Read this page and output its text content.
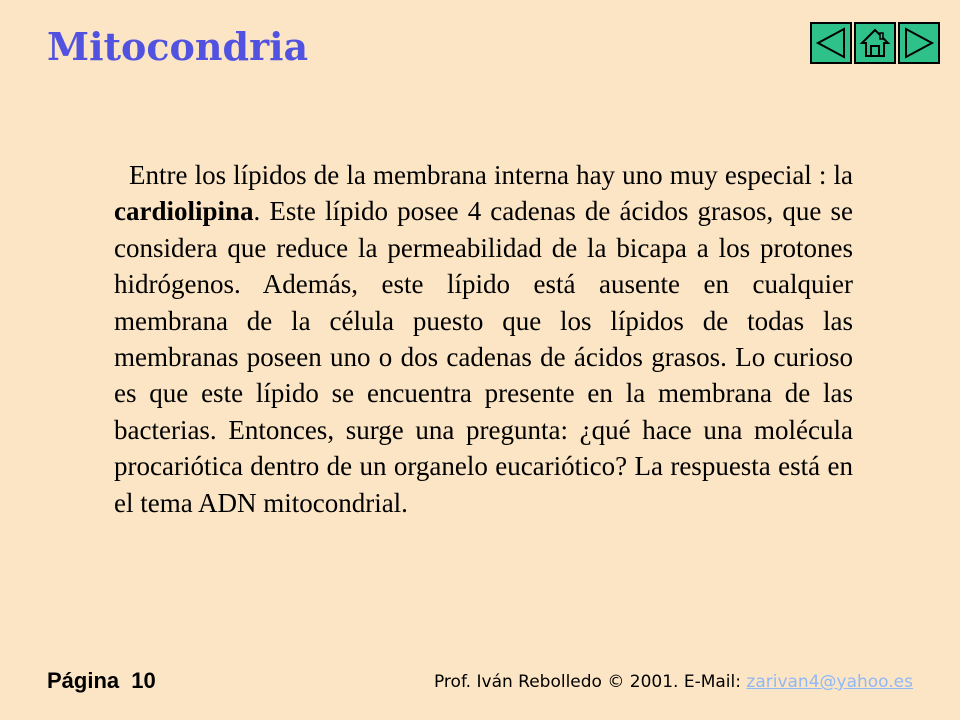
Mitocondria

Entre los lípidos de la membrana interna hay uno muy especial : la cardiolipina. Este lípido posee 4 cadenas de ácidos grasos, que se considera que reduce la permeabilidad de la bicapa a los protones hidrógenos. Además, este lípido está ausente en cualquier membrana de la célula puesto que los lípidos de todas las membranas poseen uno o dos cadenas de ácidos grasos. Lo curioso es que este lípido se encuentra presente en la membrana de las bacterias. Entonces, surge una pregunta: ¿qué hace una molécula procariótica dentro de un organelo eucariótico? La respuesta está en el tema ADN mitocondrial.

Página 10	Prof. Iván Rebolledo © 2001. E-Mail: zarivan4@yahoo.es
